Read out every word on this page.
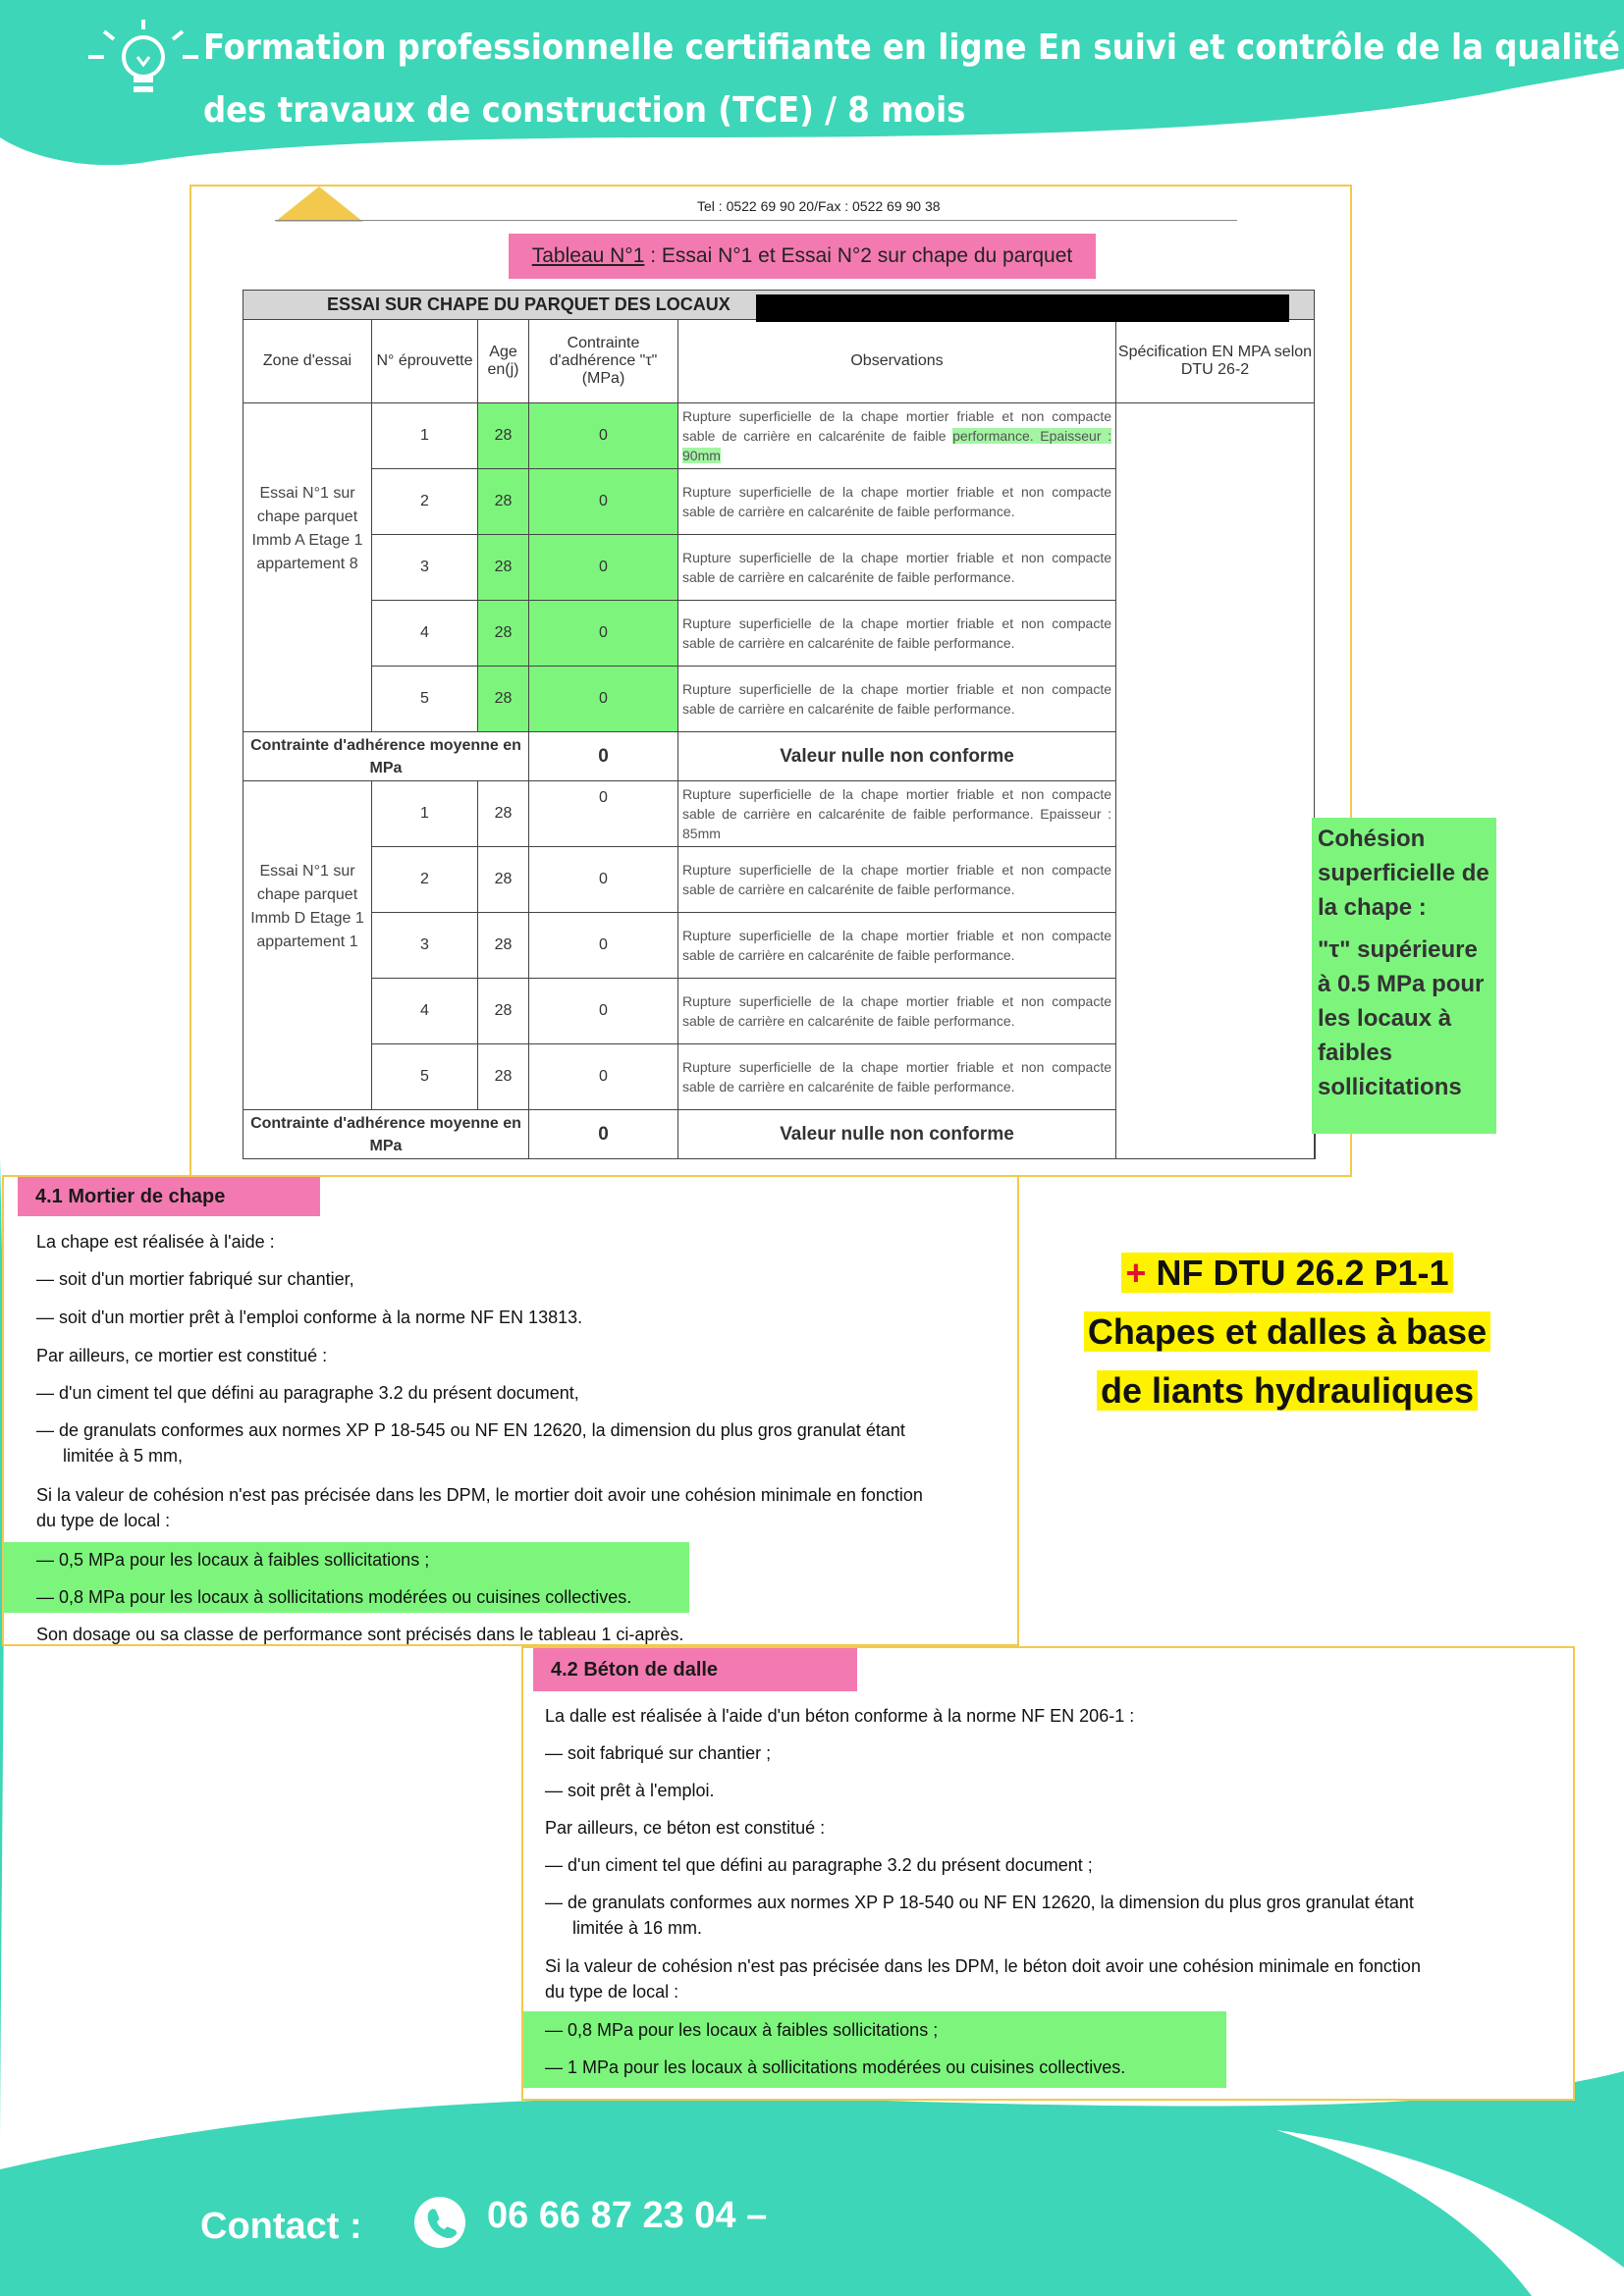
Formation professionnelle certifiante en ligne En suivi et contrôle de la qualité
des travaux de construction (TCE) / 8 mois
Tel : 0522 69 90 20/Fax : 0522 69 90 38
Tableau N°1 : Essai N°1 et Essai N°2 sur chape du parquet
ESSAI SUR CHAPE DU PARQUET DES LOCAUX						

Zone d'essai	N° éprouvette	Age en(j)	Contrainte d'adhérence "τ" (MPa)	Observations	Spécification EN MPA selon DTU 26-2	
Essai N°1 sur chape parquet Immb A Etage 1 appartement 8	1	28	0	Rupture superficielle de la chape mortier friable et non compacte sable de carrière en calcarénite de faible performance. Epaisseur : 90mm		
	2	28	0	Rupture superficielle de la chape mortier friable et non compacte sable de carrière en calcarénite de faible performance.		
	3	28	0	Rupture superficielle de la chape mortier friable et non compacte sable de carrière en calcarénite de faible performance.		
	4	28	0	Rupture superficielle de la chape mortier friable et non compacte sable de carrière en calcarénite de faible performance.		
	5	28	0	Rupture superficielle de la chape mortier friable et non compacte sable de carrière en calcarénite de faible performance.		
Contrainte d'adhérence moyenne en MPa			0	Valeur nulle non conforme		
Essai N°1 sur chape parquet Immb D Etage 1 appartement 1	1	28	0	Rupture superficielle de la chape mortier friable et non compacte sable de carrière en calcarénite de faible performance. Epaisseur : 85mm		
	2	28	0	Rupture superficielle de la chape mortier friable et non compacte sable de carrière en calcarénite de faible performance.		
	3	28	0	Rupture superficielle de la chape mortier friable et non compacte sable de carrière en calcarénite de faible performance.		
	4	28	0	Rupture superficielle de la chape mortier friable et non compacte sable de carrière en calcarénite de faible performance.		
	5	28	0	Rupture superficielle de la chape mortier friable et non compacte sable de carrière en calcarénite de faible performance.		
Contrainte d'adhérence moyenne en MPa			0	Valeur nulle non conforme		
Cohésion superficielle de la chape :
"τ" supérieure à 0.5 MPa pour les locaux à faibles sollicitations
4.1 Mortier de chape
La chape est réalisée à l'aide :
— soit d'un mortier fabriqué sur chantier,
— soit d'un mortier prêt à l'emploi conforme à la norme NF EN 13813.
Par ailleurs, ce mortier est constitué :
— d'un ciment tel que défini au paragraphe 3.2 du présent document,
— de granulats conformes aux normes XP P 18-545 ou NF EN 12620, la dimension du plus gros granulat étant
limitée à 5 mm,
Si la valeur de cohésion n'est pas précisée dans les DPM, le mortier doit avoir une cohésion minimale en fonction
du type de local :
— 0,5 MPa pour les locaux à faibles sollicitations ;
— 0,8 MPa pour les locaux à sollicitations modérées ou cuisines collectives.
Son dosage ou sa classe de performance sont précisés dans le tableau 1 ci-après.
+ NF DTU 26.2 P1-1
Chapes et dalles à base
de liants hydrauliques
4.2 Béton de dalle
La dalle est réalisée à l'aide d'un béton conforme à la norme NF EN 206-1 :
— soit fabriqué sur chantier ;
— soit prêt à l'emploi.
Par ailleurs, ce béton est constitué :
— d'un ciment tel que défini au paragraphe 3.2 du présent document ;
— de granulats conformes aux normes XP P 18-540 ou NF EN 12620, la dimension du plus gros granulat étant
limitée à 16 mm.
Si la valeur de cohésion n'est pas précisée dans les DPM, le béton doit avoir une cohésion minimale en fonction
du type de local :
— 0,8 MPa pour les locaux à faibles sollicitations ;
— 1 MPa pour les locaux à sollicitations modérées ou cuisines collectives.
Contact :	06 66 87 23 04 –
